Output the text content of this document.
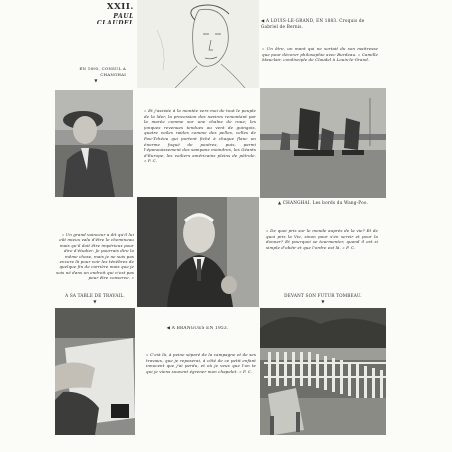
XXII.
PAUL CLAUDEL
EN 1895, CONSUL A CHANGHAI
▼
« Un grand vainceur a dit qu'il lui eût mieux valu d'être le chemineau mais qu'il doit être impérieux pour dire d'étudier. Je pourrais dire la même chose, mais je ne suis pas encore là pour voir les ténèbres de quelque fin de carrière mais que je sois né dans un endroit qui n'est pas pour être conserve. »
A SA TABLE DE TRAVAIL.
▼
« Et j'assiste à la montée vers moi de tout le peuple de la Mer, la procession des navires remontant par la marée comme sur une chaîne de roue; les jonques revenues tendues au vent de guingois, quatre voiles raides comme des pelles, celles de Fou-Tchéou qui portent fiché à chaque flanc un énorme fuqué de poutres, puis, parmi l'épanouissement des sampans moindres, les Géants d'Europe, les voiliers américains pleins de pétrole. » P. C.
◀ A BRANGUES EN 1953.
« C'est là, à peine séparé de la campagne et de ses travaux, que je reposerai, à côté de ce petit enfant innocent que j'ai perdu, et où je veux que l'on te qui je viens souvent égrener mon chapelet. » P. C.
◀ A LOUIS-LE-GRAND, EN 1883. Croquis de Gabriel de Bernis.
« Un être, un mant qui ne sortait du son maitresse que pour décorer philosophie avec Burdeau. » Camille Mauclair, condisciple de Claudel à Louis-le-Grand.
▲ CHANGHAI. Les bords du Wang-Poo.
« De quoi pris sur le monde auprès de la vie? Et de quoi pris la Vie, sinon pour s'en servir et pour la donner? Et pourquoi se tourmenter, quand il est si simple d'obéir et que l'ordre est là. » P. C.
DEVANT SON FUTUR TOMBEAU.
▼
